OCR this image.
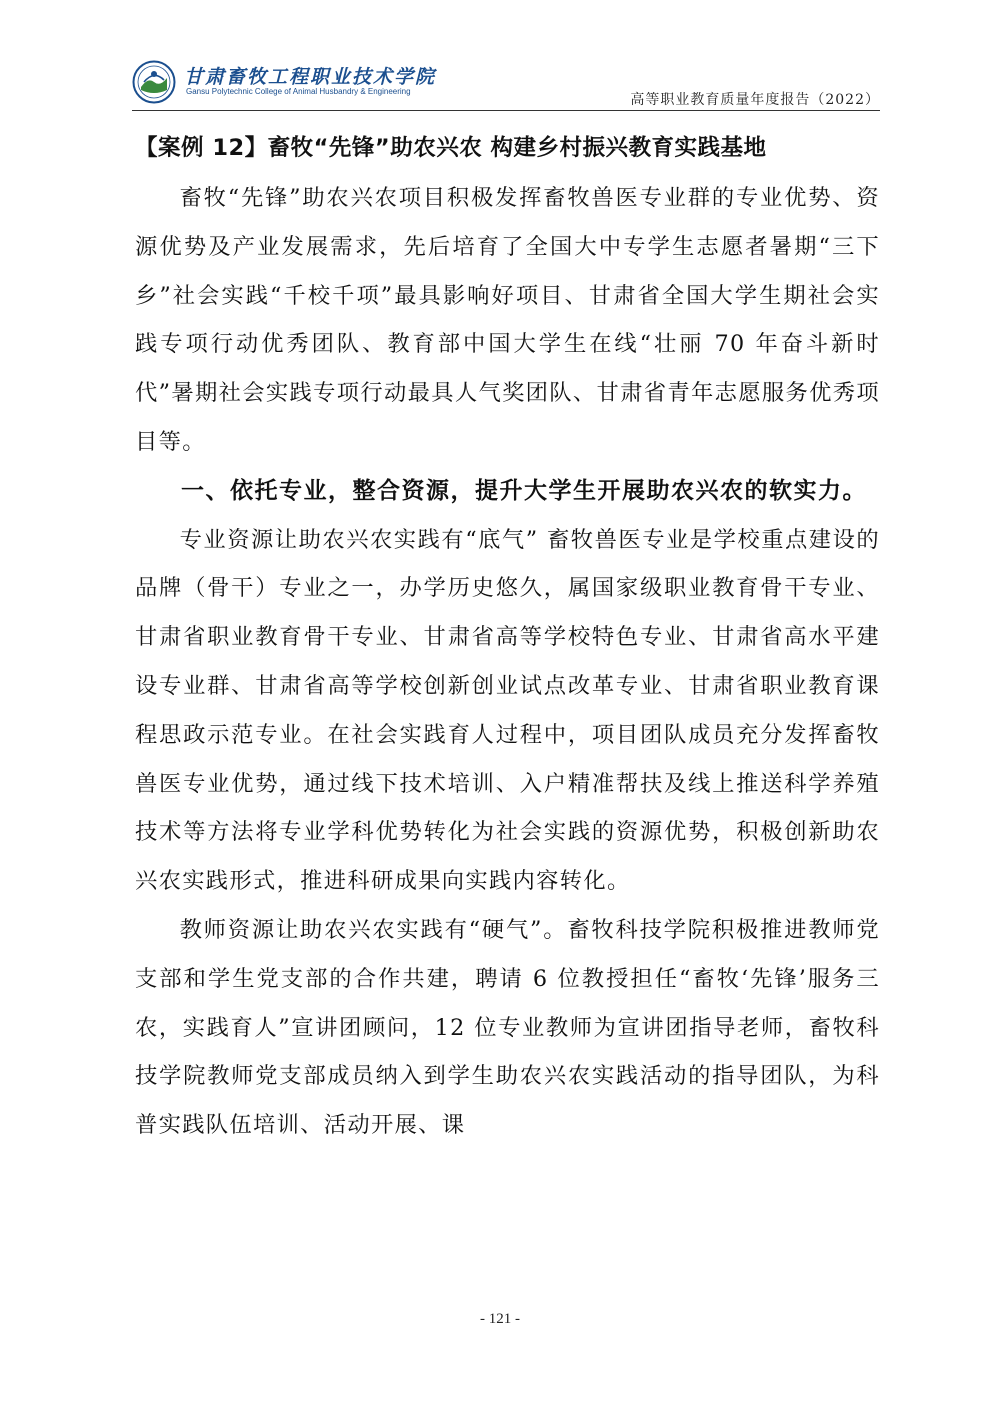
甘肃畜牧工程职业技术学院
Gansu Polytechnic College of Animal Husbandry & Engineering
高等职业教育质量年度报告（2022）
【案例 12】畜牧“先锋”助农兴农 构建乡村振兴教育实践基地

畜牧“先锋”助农兴农项目积极发挥畜牧兽医专业群的专业优势、资源优势及产业发展需求，先后培育了全国大中专学生志愿者暑期“三下乡”社会实践“千校千项”最具影响好项目、甘肃省全国大学生期社会实践专项行动优秀团队、教育部中国大学生在线“壮丽 70 年奋斗新时代”暑期社会实践专项行动最具人气奖团队、甘肃省青年志愿服务优秀项目等。

一、依托专业，整合资源，提升大学生开展助农兴农的软实力。

专业资源让助农兴农实践有“底气” 畜牧兽医专业是学校重点建设的品牌（骨干）专业之一，办学历史悠久，属国家级职业教育骨干专业、甘肃省职业教育骨干专业、甘肃省高等学校特色专业、甘肃省高水平建设专业群、甘肃省高等学校创新创业试点改革专业、甘肃省职业教育课程思政示范专业。在社会实践育人过程中，项目团队成员充分发挥畜牧兽医专业优势，通过线下技术培训、入户精准帮扶及线上推送科学养殖技术等方法将专业学科优势转化为社会实践的资源优势，积极创新助农兴农实践形式，推进科研成果向实践内容转化。

教师资源让助农兴农实践有“硬气”。畜牧科技学院积极推进教师党支部和学生党支部的合作共建，聘请 6 位教授担任“畜牧‘先锋’服务三农，实践育人”宣讲团顾问，12 位专业教师为宣讲团指导老师，畜牧科技学院教师党支部成员纳入到学生助农兴农实践活动的指导团队，为科普实践队伍培训、活动开展、课

- 121 -
